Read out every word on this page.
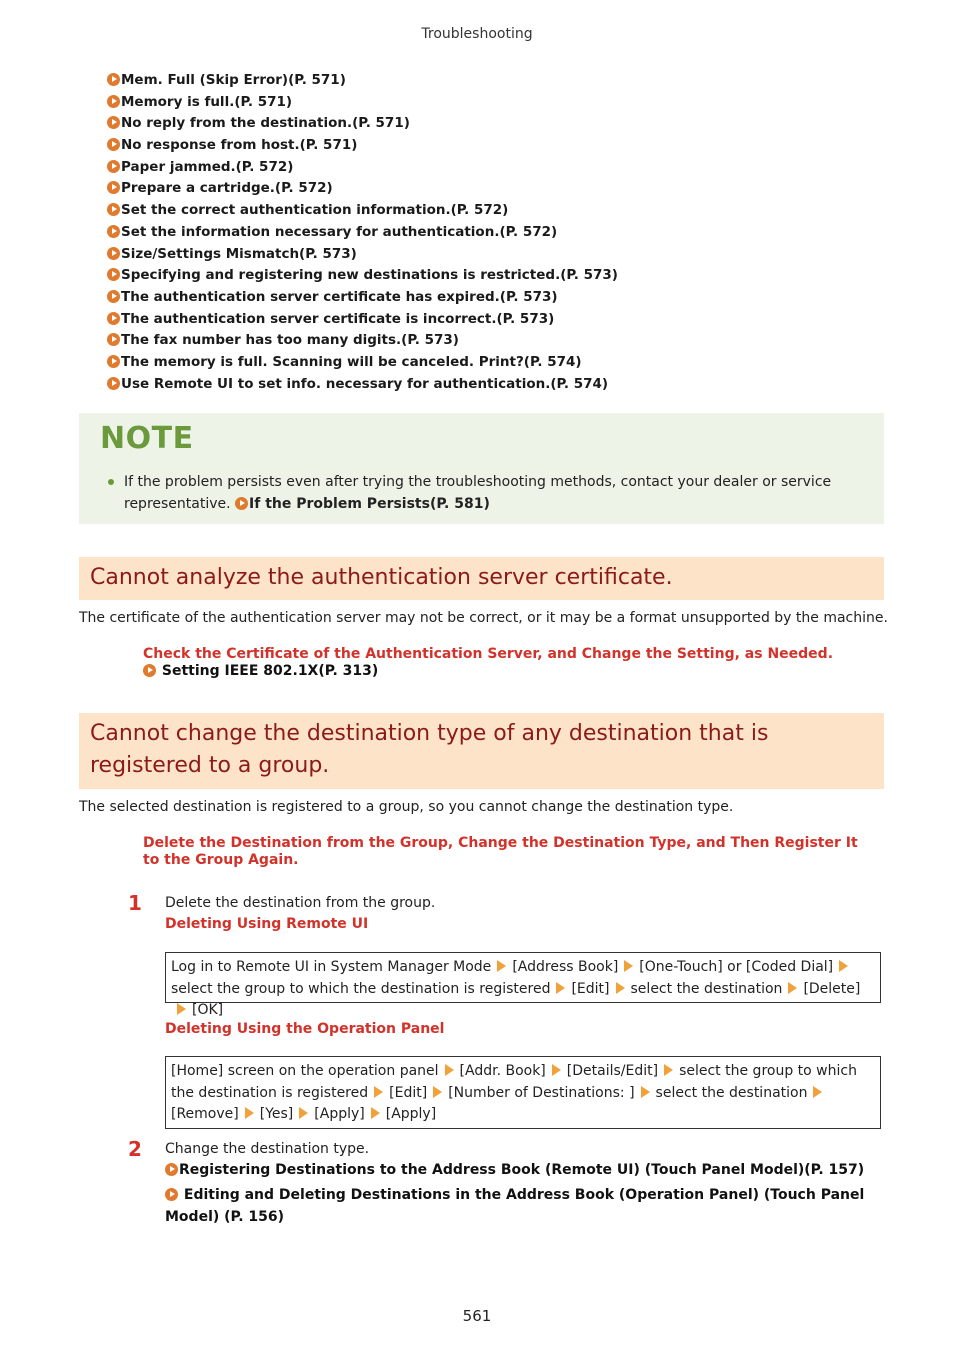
Troubleshooting
Mem. Full (Skip Error)(P. 571)
Memory is full.(P. 571)
No reply from the destination.(P. 571)
No response from host.(P. 571)
Paper jammed.(P. 572)
Prepare a cartridge.(P. 572)
Set the correct authentication information.(P. 572)
Set the information necessary for authentication.(P. 572)
Size/Settings Mismatch(P. 573)
Specifying and registering new destinations is restricted.(P. 573)
The authentication server certificate has expired.(P. 573)
The authentication server certificate is incorrect.(P. 573)
The fax number has too many digits.(P. 573)
The memory is full. Scanning will be canceled. Print?(P. 574)
Use Remote UI to set info. necessary for authentication.(P. 574)
NOTE
If the problem persists even after trying the troubleshooting methods, contact your dealer or service representative. If the Problem Persists(P. 581)
Cannot analyze the authentication server certificate.
The certificate of the authentication server may not be correct, or it may be a format unsupported by the machine.
Check the Certificate of the Authentication Server, and Change the Setting, as Needed.
Setting IEEE 802.1X(P. 313)
Cannot change the destination type of any destination that is registered to a group.
The selected destination is registered to a group, so you cannot change the destination type.
Delete the Destination from the Group, Change the Destination Type, and Then Register It to the Group Again.
1 Delete the destination from the group.
Deleting Using Remote UI
Log in to Remote UI in System Manager Mode [Address Book] [One-Touch] or [Coded Dial]select the group to which the destination is registered [Edit] select the destination [Delete][OK]
Deleting Using the Operation Panel
[Home] screen on the operation panel [Addr. Book] [Details/Edit] select the group to which the destination is registered [Edit] [Number of Destinations: ] select the destination[Remove] [Yes] [Apply] [Apply]
2 Change the destination type.
Registering Destinations to the Address Book (Remote UI) (Touch Panel Model)(P. 157)
Editing and Deleting Destinations in the Address Book (Operation Panel) (Touch Panel Model) (P. 156)
561
